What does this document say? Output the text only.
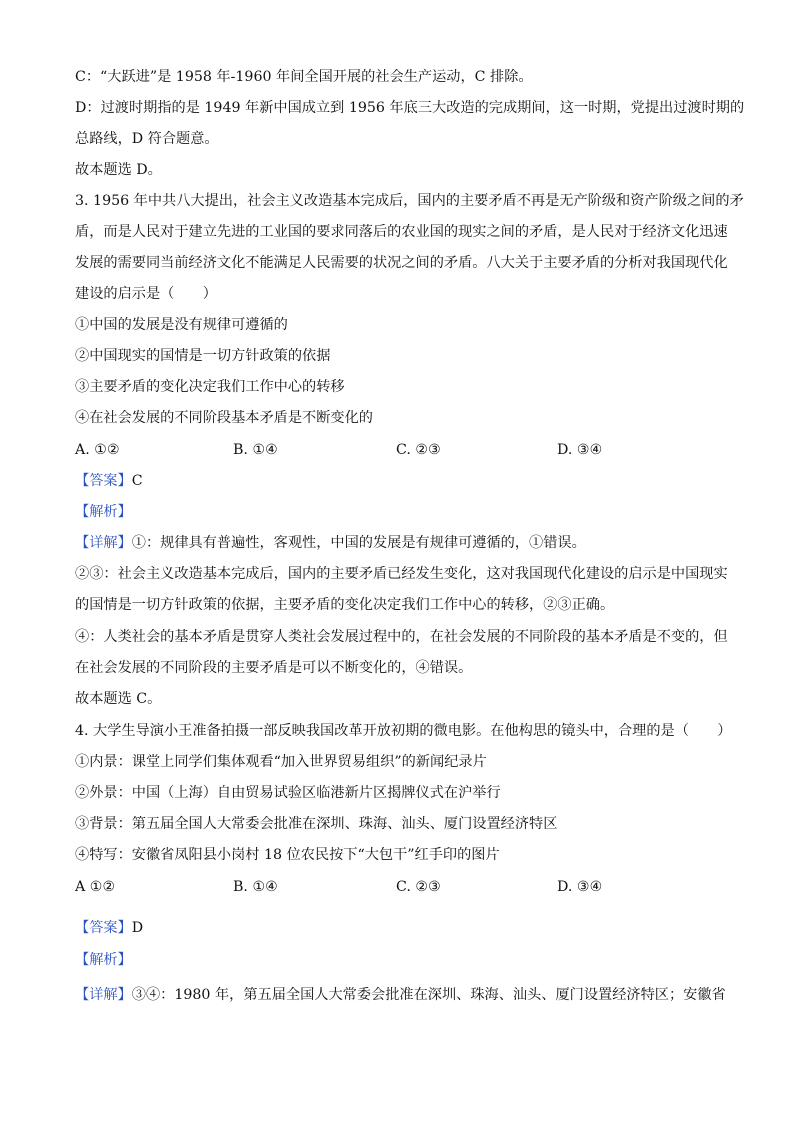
C：“大跃进”是 1958 年-1960 年间全国开展的社会生产运动，C 排除。
D：过渡时期指的是 1949 年新中国成立到 1956 年底三大改造的完成期间，这一时期，党提出过渡时期的
总路线，D 符合题意。
故本题选 D。
3. 1956 年中共八大提出，社会主义改造基本完成后，国内的主要矛盾不再是无产阶级和资产阶级之间的矛
盾，而是人民对于建立先进的工业国的要求同落后的农业国的现实之间的矛盾，是人民对于经济文化迅速
发展的需要同当前经济文化不能满足人民需要的状况之间的矛盾。八大关于主要矛盾的分析对我国现代化
建设的启示是（　　）
①中国的发展是没有规律可遵循的
②中国现实的国情是一切方针政策的依据
③主要矛盾的变化决定我们工作中心的转移
④在社会发展的不同阶段基本矛盾是不断变化的
A. ①②	B. ①④	C. ②③	D. ③④
【答案】C
【解析】
【详解】①：规律具有普遍性，客观性，中国的发展是有规律可遵循的，①错误。
②③：社会主义改造基本完成后，国内的主要矛盾已经发生变化，这对我国现代化建设的启示是中国现实
的国情是一切方针政策的依据，主要矛盾的变化决定我们工作中心的转移，②③正确。
④：人类社会的基本矛盾是贯穿人类社会发展过程中的，在社会发展的不同阶段的基本矛盾是不变的，但
在社会发展的不同阶段的主要矛盾是可以不断变化的，④错误。
故本题选 C。
4. 大学生导演小王准备拍摄一部反映我国改革开放初期的微电影。在他构思的镜头中，合理的是（　　）
①内景：课堂上同学们集体观看“加入世界贸易组织”的新闻纪录片
②外景：中国（上海）自由贸易试验区临港新片区揭牌仪式在沪举行
③背景：第五届全国人大常委会批准在深圳、珠海、汕头、厦门设置经济特区
④特写：安徽省凤阳县小岗村 18 位农民按下“大包干”红手印的图片
A ①②	B. ①④	C. ②③	D. ③④
【答案】D
【解析】
【详解】③④：1980 年，第五届全国人大常委会批准在深圳、珠海、汕头、厦门设置经济特区；安徽省
